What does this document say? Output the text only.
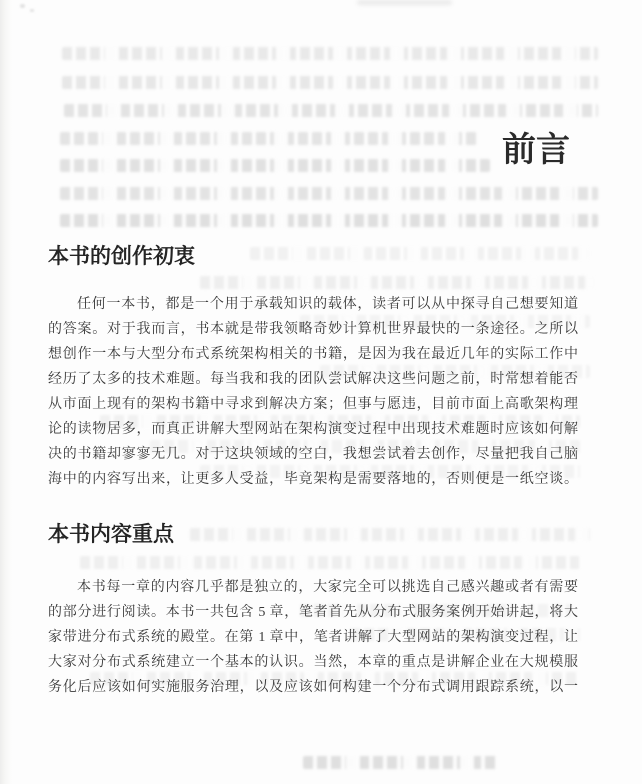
前言
本书的创作初衷
任何一本书，都是一个用于承载知识的载体，读者可以从中探寻自己想要知道
的答案。对于我而言，书本就是带我领略奇妙计算机世界最快的一条途径。之所以
想创作一本与大型分布式系统架构相关的书籍，是因为我在最近几年的实际工作中
经历了太多的技术难题。每当我和我的团队尝试解决这些问题之前，时常想着能否
从市面上现有的架构书籍中寻求到解决方案；但事与愿违，目前市面上高歌架构理
论的读物居多，而真正讲解大型网站在架构演变过程中出现技术难题时应该如何解
决的书籍却寥寥无几。对于这块领域的空白，我想尝试着去创作，尽量把我自己脑
海中的内容写出来，让更多人受益，毕竟架构是需要落地的，否则便是一纸空谈。
本书内容重点
本书每一章的内容几乎都是独立的，大家完全可以挑选自己感兴趣或者有需要
的部分进行阅读。本书一共包含 5 章，笔者首先从分布式服务案例开始讲起，将大
家带进分布式系统的殿堂。在第 1 章中，笔者讲解了大型网站的架构演变过程，让
大家对分布式系统建立一个基本的认识。当然，本章的重点是讲解企业在大规模服
务化后应该如何实施服务治理，以及应该如何构建一个分布式调用跟踪系统，以一
